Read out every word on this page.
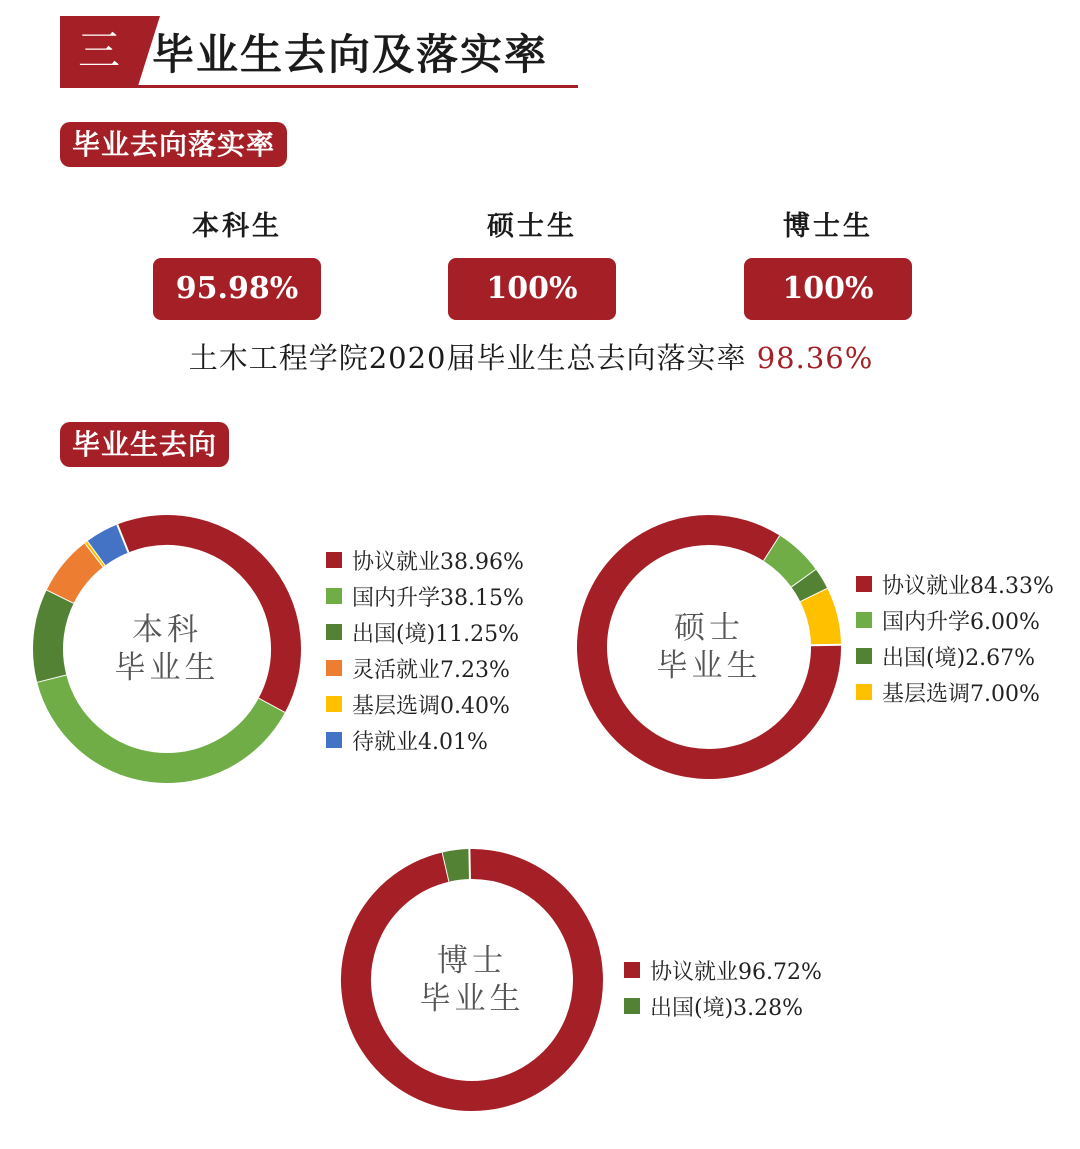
三 毕业生去向及落实率
毕业去向落实率
本科生
95.98%
硕士生
100%
博士生
100%
土木工程学院2020届毕业生总去向落实率 98.36%
毕业生去向
本科
毕业生
协议就业38.96%
国内升学38.15%
出国(境)11.25%
灵活就业7.23%
基层选调0.40%
待就业4.01%
硕士
毕业生
协议就业84.33%
国内升学6.00%
出国(境)2.67%
基层选调7.00%
博士
毕业生
协议就业96.72%
出国(境)3.28%
